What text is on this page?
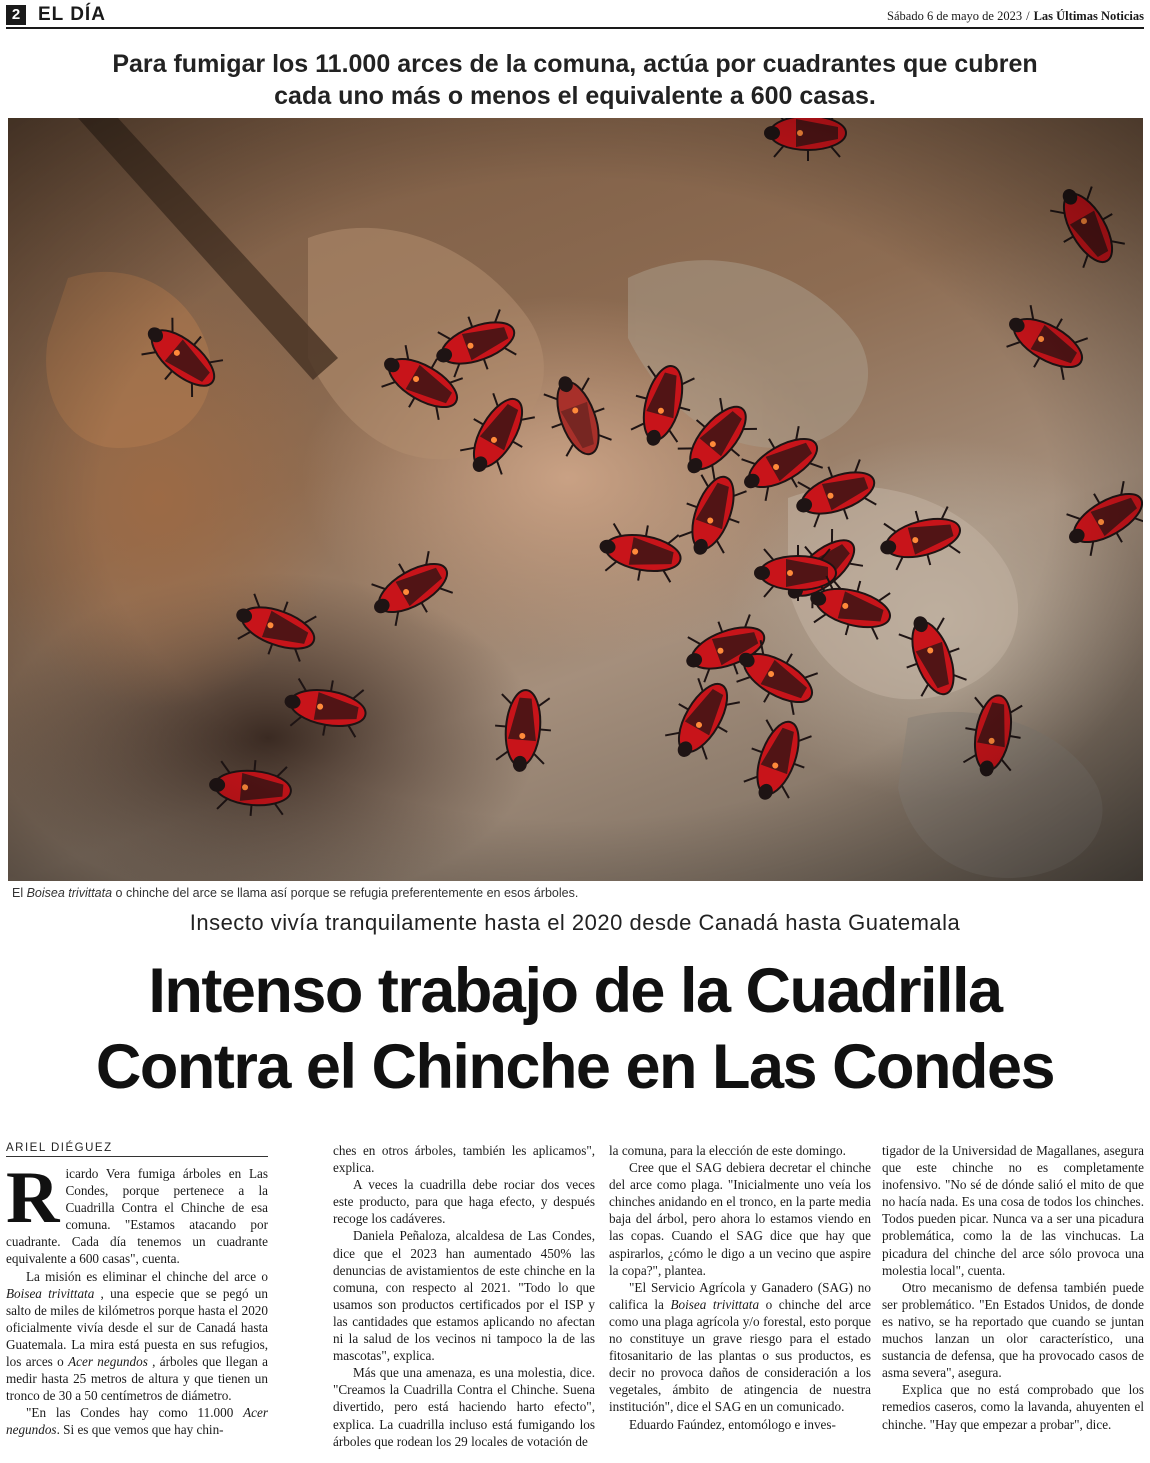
2 EL DÍA	Sábado 6 de mayo de 2023 / Las Últimas Noticias
Para fumigar los 11.000 arces de la comuna, actúa por cuadrantes que cubren
cada uno más o menos el equivalente a 600 casas.
El Boisea trivittata o chinche del arce se llama así porque se refugia preferentemente en esos árboles.
Insecto vivía tranquilamente hasta el 2020 desde Canadá hasta Guatemala
Intenso trabajo de la Cuadrilla
Contra el Chinche en Las Condes
ARIEL DIÉGUEZ

Ricardo Vera fumiga árboles en Las Condes, porque pertenece a la Cuadrilla Contra el Chinche de esa comuna. "Estamos atacando por cuadrante. Cada día tenemos un cuadrante equivalente a 600 casas", cuenta.

La misión es eliminar el chinche del arce o Boisea trivittata , una especie que se pegó un salto de miles de kilómetros porque hasta el 2020 oficialmente vivía desde el sur de Canadá hasta Guatemala. La mira está puesta en sus refugios, los arces o Acer negundos , árboles que llegan a medir hasta 25 metros de altura y que tienen un tronco de 30 a 50 centímetros de diámetro.

"En las Condes hay como 11.000 Acer negundos. Si es que vemos que hay chin-

ches en otros árboles, también les aplicamos", explica.

A veces la cuadrilla debe rociar dos veces este producto, para que haga efecto, y después recoge los cadáveres.

Daniela Peñaloza, alcaldesa de Las Condes, dice que el 2023 han aumentado 450% las denuncias de avistamientos de este chinche en la comuna, con respecto al 2021. "Todo lo que usamos son productos certificados por el ISP y las cantidades que estamos aplicando no afectan ni la salud de los vecinos ni tampoco la de las mascotas", explica.

Más que una amenaza, es una molestia, dice. "Creamos la Cuadrilla Contra el Chinche. Suena divertido, pero está haciendo harto efecto", explica. La cuadrilla incluso está fumigando los árboles que rodean los 29 locales de votación de

la comuna, para la elección de este domingo.

Cree que el SAG debiera decretar el chinche del arce como plaga. "Inicialmente uno veía los chinches anidando en el tronco, en la parte media baja del árbol, pero ahora lo estamos viendo en las copas. Cuando el SAG dice que hay que aspirarlos, ¿cómo le digo a un vecino que aspire la copa?", plantea.

"El Servicio Agrícola y Ganadero (SAG) no califica la Boisea trivittata o chinche del arce como una plaga agrícola y/o forestal, esto porque no constituye un grave riesgo para el estado fitosanitario de las plantas o sus productos, es decir no provoca daños de consideración a los vegetales, ámbito de atingencia de nuestra institución", dice el SAG en un comunicado.

Eduardo Faúndez, entomólogo e inves-

tigador de la Universidad de Magallanes, asegura que este chinche no es completamente inofensivo. "No sé de dónde salió el mito de que no hacía nada. Es una cosa de todos los chinches. Todos pueden picar. Nunca va a ser una picadura problemática, como la de las vinchucas. La picadura del chinche del arce sólo provoca una molestia local", cuenta.

Otro mecanismo de defensa también puede ser problemático. "En Estados Unidos, de donde es nativo, se ha reportado que cuando se juntan muchos lanzan un olor característico, una sustancia de defensa, que ha provocado casos de asma severa", asegura.

Explica que no está comprobado que los remedios caseros, como la lavanda, ahuyenten el chinche. "Hay que empezar a probar", dice.
